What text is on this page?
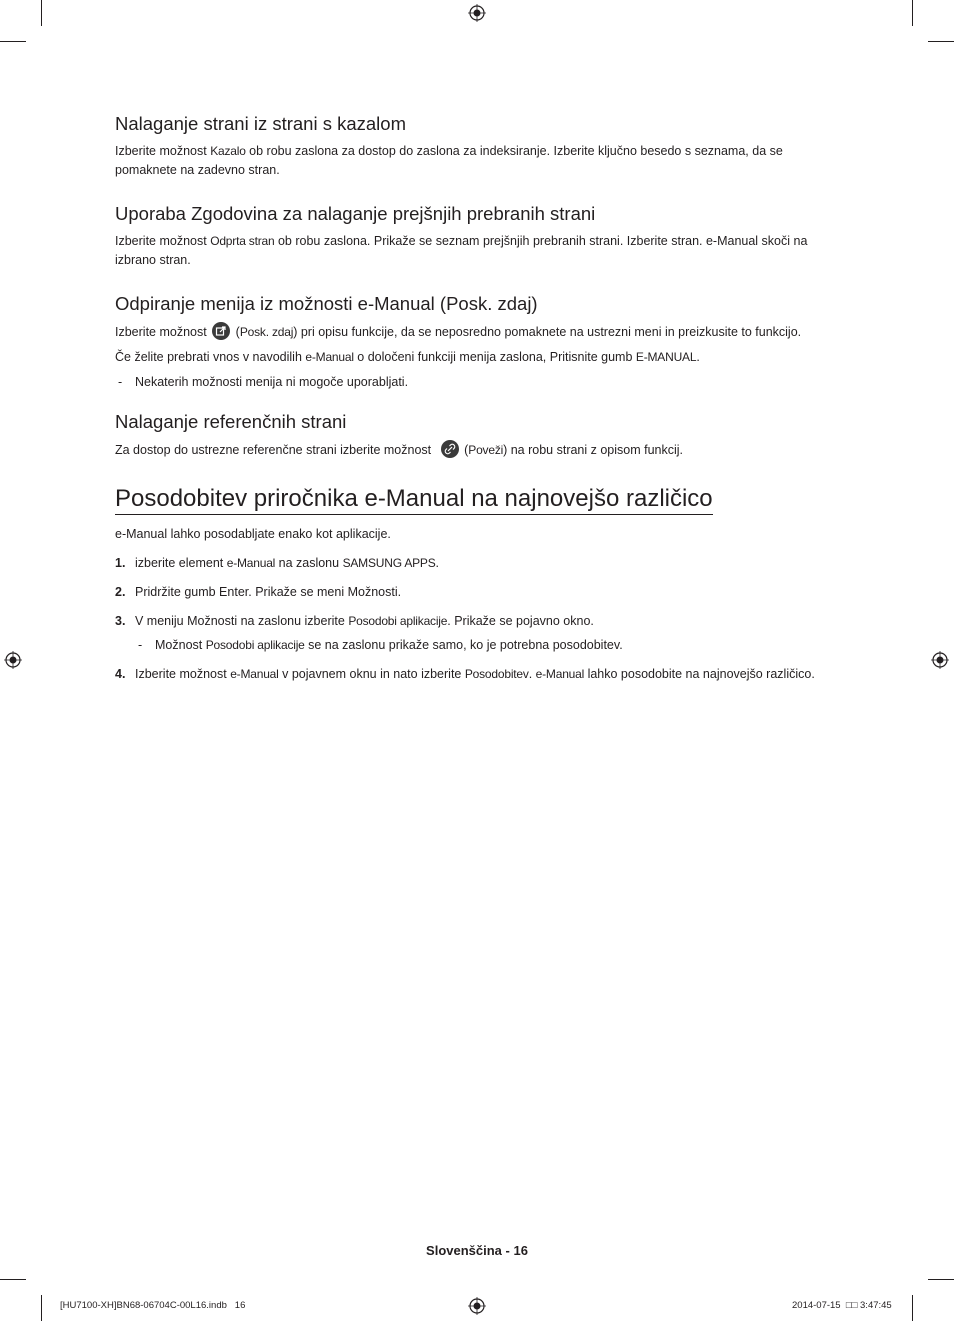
Nalaganje strani iz strani s kazalom

Izberite možnost Kazalo ob robu zaslona za dostop do zaslona za indeksiranje. Izberite ključno besedo s seznama, da se pomaknete na zadevno stran.

Uporaba Zgodovina za nalaganje prejšnjih prebranih strani

Izberite možnost Odprta stran ob robu zaslona. Prikaže se seznam prejšnjih prebranih strani. Izberite stran. e-Manual skoči na izbrano stran.

Odpiranje menija iz možnosti e-Manual (Posk. zdaj)

Izberite možnost
(Posk. zdaj) pri opisu funkcije, da se neposredno pomaknete na ustrezni meni in preizkusite to funkcijo.

Če želite prebrati vnos v navodilih e-Manual o določeni funkciji menija zaslona, Pritisnite gumb E-MANUAL.

- Nekaterih možnosti menija ni mogoče uporabljati.

Nalaganje referenčnih strani

Za dostop do ustrezne referenčne strani izberite možnost
(Poveži) na robu strani z opisom funkcij.

Posodobitev priročnika e-Manual na najnovejšo različico

e-Manual lahko posodabljate enako kot aplikacije.

1. izberite element e-Manual na zaslonu SAMSUNG APPS.

2. Pridržite gumb Enter. Prikaže se meni Možnosti.

3. V meniju Možnosti na zaslonu izberite Posodobi aplikacije. Prikaže se pojavno okno.

- Možnost Posodobi aplikacije se na zaslonu prikaže samo, ko je potrebna posodobitev.

4. Izberite možnost e-Manual v pojavnem oknu in nato izberite Posodobitev. e-Manual lahko posodobite na najnovejšo različico.

Slovenščina - 16
[HU7100-XH]BN68-06704C-00L16.indb   16	2014-07-15 □□ 3:47:45
